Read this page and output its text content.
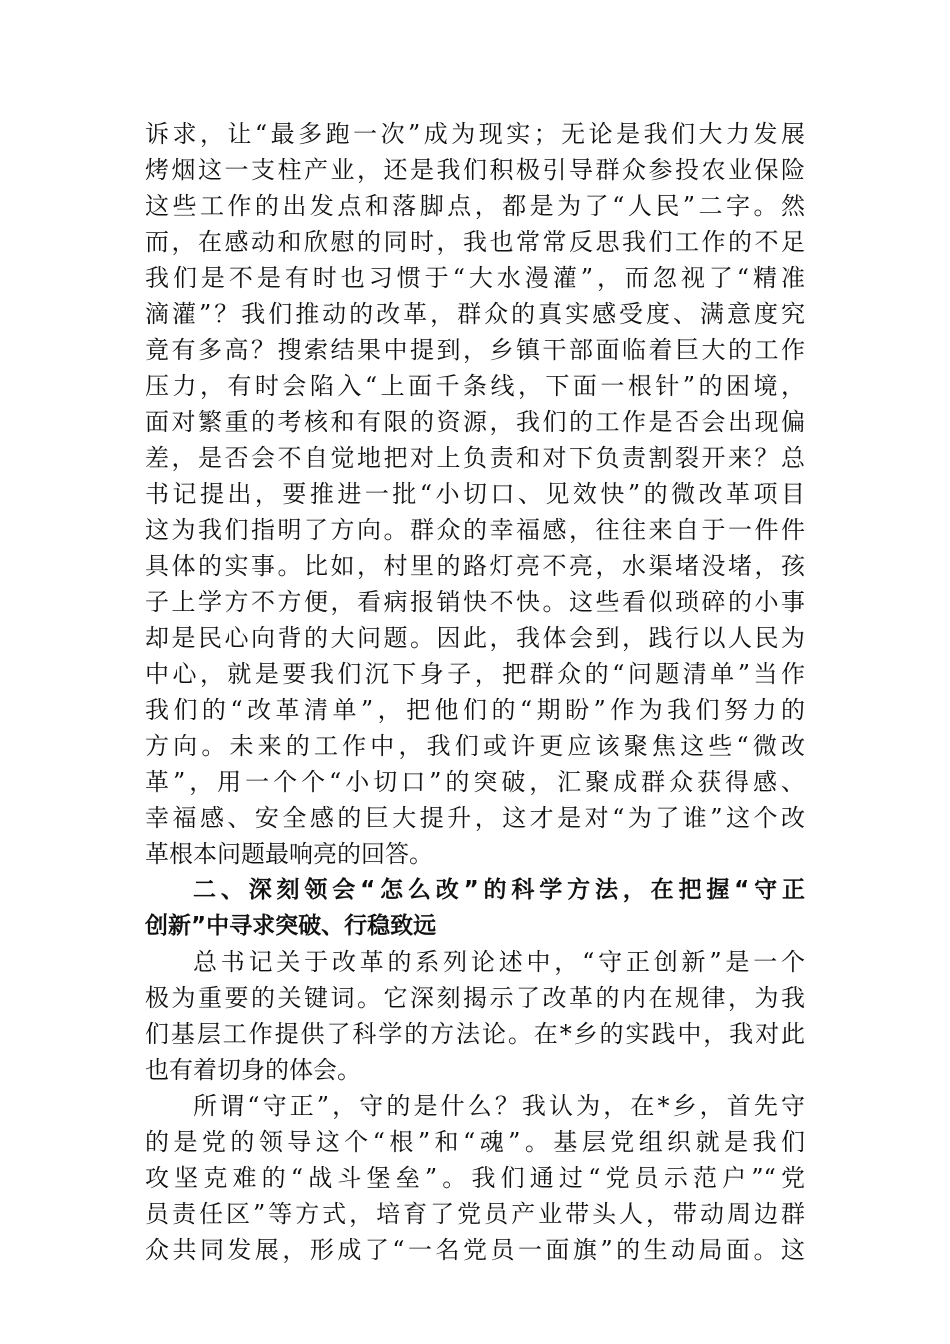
诉求，让“最多跑一次”成为现实；无论是我们大力发展
烤烟这一支柱产业，还是我们积极引导群众参投农业保险
这些工作的出发点和落脚点，都是为了“人民”二字。然
而，在感动和欣慰的同时，我也常常反思我们工作的不足
我们是不是有时也习惯于“大水漫灌”，而忽视了“精准
滴灌”？我们推动的改革，群众的真实感受度、满意度究
竟有多高？搜索结果中提到，乡镇干部面临着巨大的工作
压力，有时会陷入“上面千条线，下面一根针”的困境，
面对繁重的考核和有限的资源，我们的工作是否会出现偏
差，是否会不自觉地把对上负责和对下负责割裂开来？总
书记提出，要推进一批“小切口、见效快”的微改革项目
这为我们指明了方向。群众的幸福感，往往来自于一件件
具体的实事。比如，村里的路灯亮不亮，水渠堵没堵，孩
子上学方不方便，看病报销快不快。这些看似琐碎的小事
却是民心向背的大问题。因此，我体会到，践行以人民为
中心，就是要我们沉下身子，把群众的“问题清单”当作
我们的“改革清单”，把他们的“期盼”作为我们努力的
方向。未来的工作中，我们或许更应该聚焦这些“微改
革”，用一个个“小切口”的突破，汇聚成群众获得感、
幸福感、安全感的巨大提升，这才是对“为了谁”这个改
革根本问题最响亮的回答。
二、深刻领会“怎么改”的科学方法，在把握“守正
创新”中寻求突破、行稳致远
总书记关于改革的系列论述中，“守正创新”是一个
极为重要的关键词。它深刻揭示了改革的内在规律，为我
们基层工作提供了科学的方法论。在*乡的实践中，我对此
也有着切身的体会。
所谓“守正”，守的是什么？我认为，在*乡，首先守
的是党的领导这个“根”和“魂”。基层党组织就是我们
攻坚克难的“战斗堡垒”。我们通过“党员示范户”“党
员责任区”等方式，培育了党员产业带头人，带动周边群
众共同发展，形成了“一名党员一面旗”的生动局面。这
